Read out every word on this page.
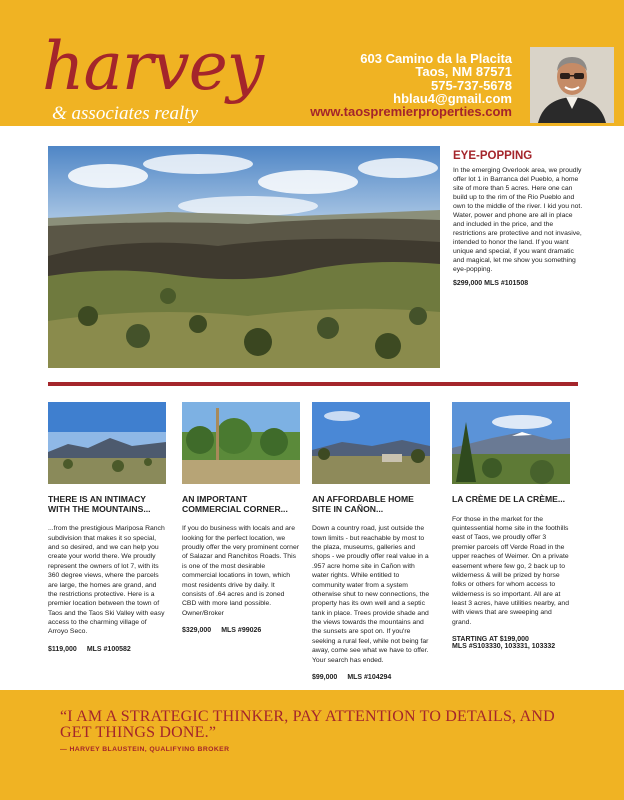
harvey
& associates realty
603 Camino da la Placita
Taos, NM 87571
575-737-5678
hblau4@gmail.com
www.taospremierproperties.com
EYE-POPPING

In the emerging Overlook area, we proudly offer lot 1 in Barranca del Pueblo, a home site of more than 5 acres. Here one can build up to the rim of the Rio Pueblo and own to the middle of the river. I kid you not. Water, power and phone are all in place and included in the price, and the restrictions are protective and not invasive, intended to honor the land. If you want unique and special, if you want dramatic and magical, let me show you something eye-popping.

$299,000 MLS #101508
THERE IS AN INTIMACY WITH THE MOUNTAINS...

...from the prestigious Mariposa Ranch subdivision that makes it so special, and so desired, and we can help you create your world there. We proudly represent the owners of lot 7, with its 360 degree views, where the parcels are large, the homes are grand, and the restrictions protective. Here is a premier location between the town of Taos and the Taos Ski Valley with easy access to the charming village of Arroyo Seco.

$119,000 MLS #100582
AN IMPORTANT COMMERCIAL CORNER...

If you do business with locals and are looking for the perfect location, we proudly offer the very prominent corner of Salazar and Ranchitos Roads. This is one of the most desirable commercial locations in town, which most residents drive by daily. It consists of .64 acres and is zoned CBD with more land possible. Owner/Broker

$329,000 MLS #99026
AN AFFORDABLE HOME SITE IN CAÑON...

Down a country road, just outside the town limits - but reachable by most to the plaza, museums, galleries and shops - we proudly offer real value in a .957 acre home site in Cañon with water rights. While entitled to community water from a system otherwise shut to new connections, the property has its own well and a septic tank in place. Trees provide shade and the views towards the mountains and the sunsets are spot on. If you're seeking a rural feel, while not being far away, come see what we have to offer. Your search has ended.

$99,000 MLS #104294
LA CRÈME DE LA CRÈME...

For those in the market for the quintessential home site in the foothills east of Taos, we proudly offer 3 premier parcels off Verde Road in the upper reaches of Weimer. On a private easement where few go, 2 back up to wilderness & will be prized by horse folks or others for whom access to wilderness is so important. All are at least 3 acres, have utilities nearby, and with views that are sweeping and grand.

STARTING AT $199,000
MLS #S103330, 103331, 103332
“I AM A STRATEGIC THINKER, PAY ATTENTION TO DETAILS, AND GET THINGS DONE.”
— HARVEY BLAUSTEIN, QUALIFYING BROKER
